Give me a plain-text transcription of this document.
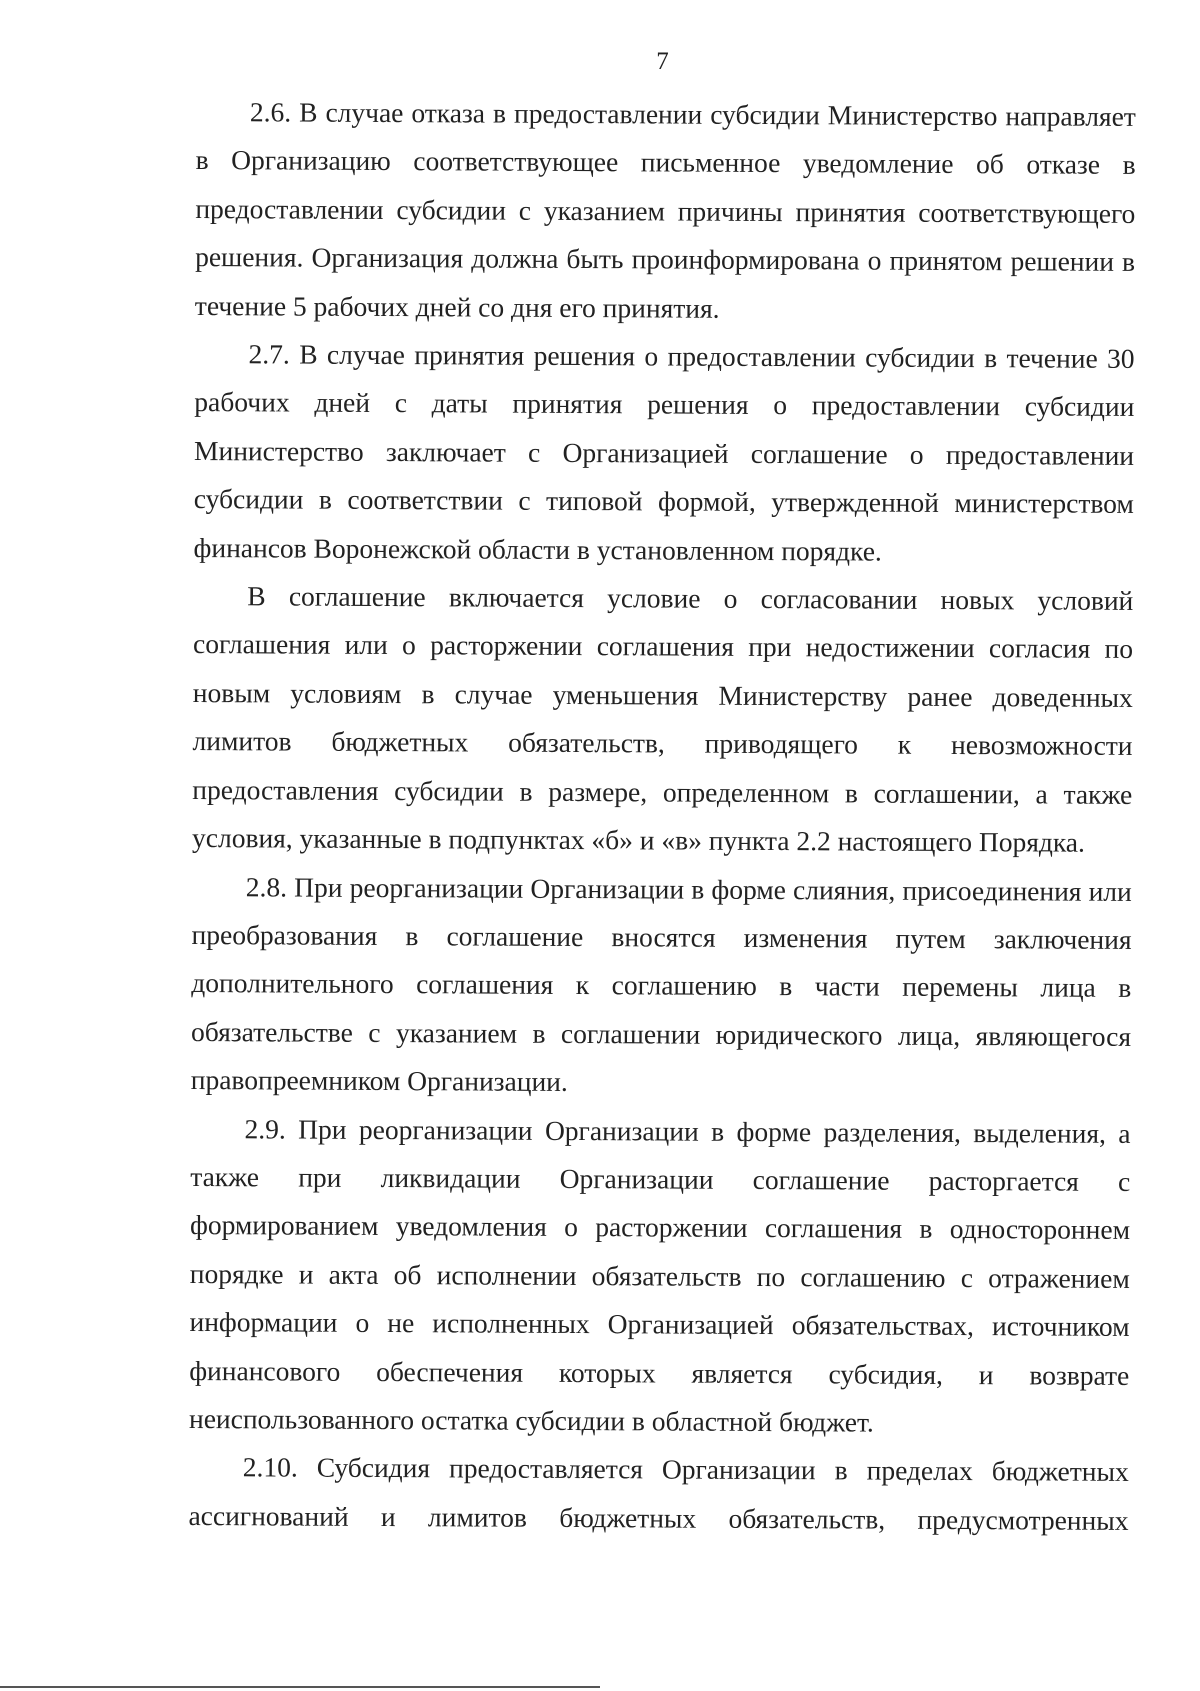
7

2.6. В случае отказа в предоставлении субсидии Министерство направляет в Организацию соответствующее письменное уведомление об отказе в предоставлении субсидии с указанием причины принятия соответствующего решения. Организация должна быть проинформирована о принятом решении в течение 5 рабочих дней со дня его принятия.

2.7. В случае принятия решения о предоставлении субсидии в течение 30 рабочих дней с даты принятия решения о предоставлении субсидии Министерство заключает с Организацией соглашение о предоставлении субсидии в соответствии с типовой формой, утвержденной министерством финансов Воронежской области в установленном порядке.

В соглашение включается условие о согласовании новых условий соглашения или о расторжении соглашения при недостижении согласия по новым условиям в случае уменьшения Министерству ранее доведенных лимитов бюджетных обязательств, приводящего к невозможности предоставления субсидии в размере, определенном в соглашении, а также условия, указанные в подпунктах «б» и «в» пункта 2.2 настоящего Порядка.

2.8. При реорганизации Организации в форме слияния, присоединения или преобразования в соглашение вносятся изменения путем заключения дополнительного соглашения к соглашению в части перемены лица в обязательстве с указанием в соглашении юридического лица, являющегося правопреемником Организации.

2.9. При реорганизации Организации в форме разделения, выделения, а также при ликвидации Организации соглашение расторгается с формированием уведомления о расторжении соглашения в одностороннем порядке и акта об исполнении обязательств по соглашению с отражением информации о не исполненных Организацией обязательствах, источником финансового обеспечения которых является субсидия, и возврате неиспользованного остатка субсидии в областной бюджет.

2.10. Субсидия предоставляется Организации в пределах бюджетных ассигнований и лимитов бюджетных обязательств, предусмотренных
